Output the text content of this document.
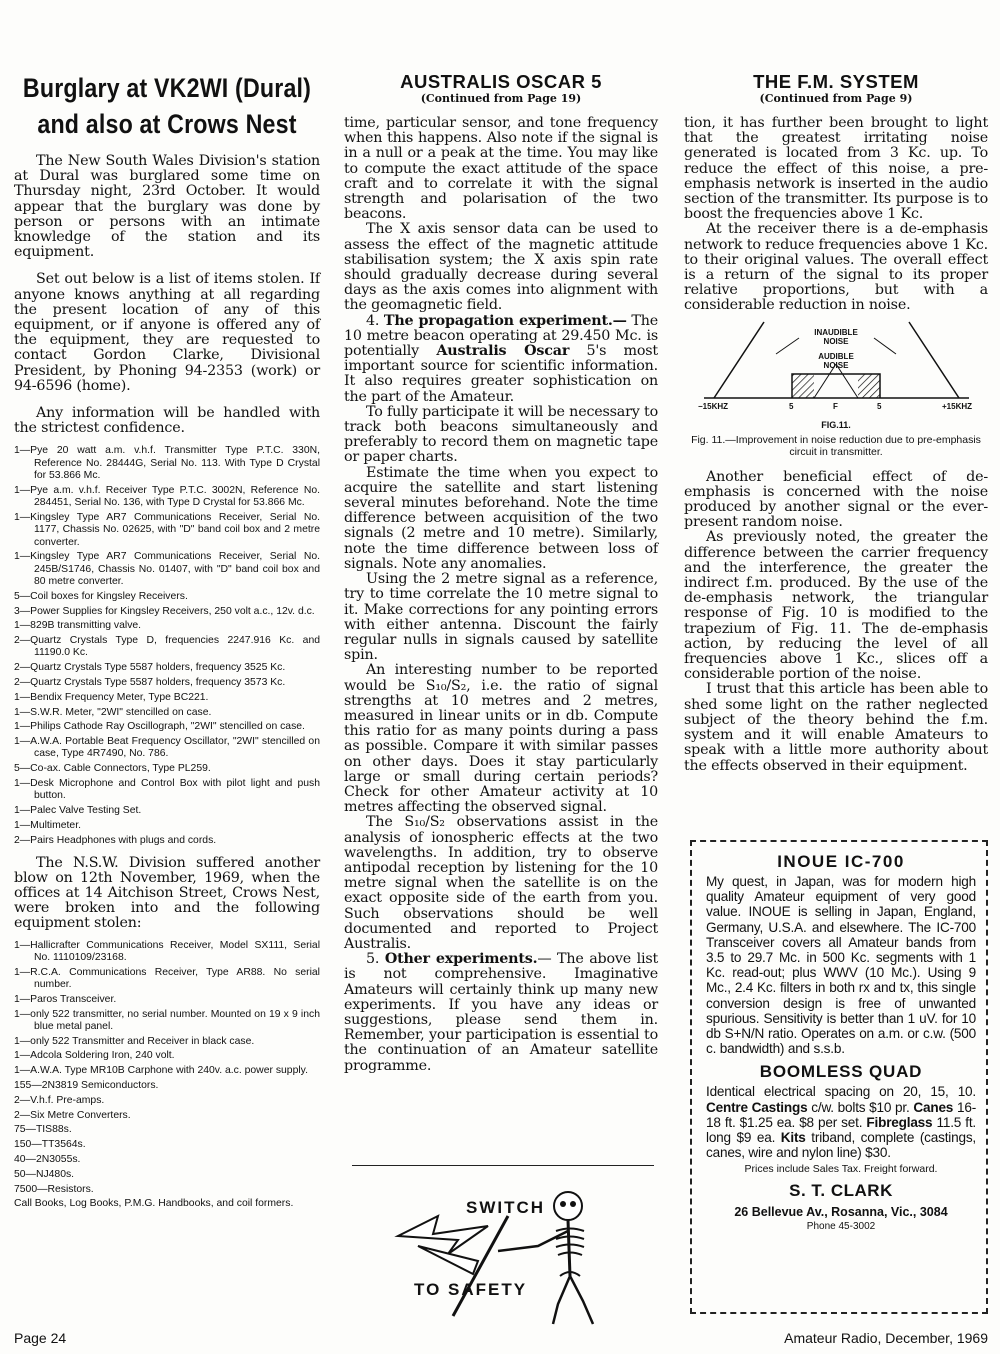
Burglary at VK2WI (Dural)
and also at Crows Nest

The New South Wales Division's station at Dural was burglared some time on Thursday night, 23rd October. It would appear that the burglary was done by person or persons with an intimate knowledge of the station and its equipment.

Set out below is a list of items stolen. If anyone knows anything at all regarding the present location of any of this equipment, or if anyone is offered any of the equipment, they are requested to contact Gordon Clarke, Divisional President, by Phoning 94-2353 (work) or 94-6596 (home).

Any information will be handled with the strictest confidence.

1—Pye 20 watt a.m. v.h.f. Transmitter Type P.T.C. 330N, Reference No. 28444G, Serial No. 113. With Type D Crystal for 53.866 Mc.
1—Pye a.m. v.h.f. Receiver Type P.T.C. 3002N, Reference No. 284451, Serial No. 136, with Type D Crystal for 53.866 Mc.
1—Kingsley Type AR7 Communications Receiver, Serial No. 1177, Chassis No. 02625, with "D" band coil box and 2 metre converter.
1—Kingsley Type AR7 Communications Receiver, Serial No. 245B/S1746, Chassis No. 01407, with "D" band coil box and 80 metre converter.
5—Coil boxes for Kingsley Receivers.
3—Power Supplies for Kingsley Receivers, 250 volt a.c., 12v. d.c.
1—829B transmitting valve.
2—Quartz Crystals Type D, frequencies 2247.916 Kc. and 11190.0 Kc.
2—Quartz Crystals Type 5587 holders, frequency 3525 Kc.
2—Quartz Crystals Type 5587 holders, frequency 3573 Kc.
1—Bendix Frequency Meter, Type BC221.
1—S.W.R. Meter, "2WI" stencilled on case.
1—Philips Cathode Ray Oscillograph, "2WI" stencilled on case.
1—A.W.A. Portable Beat Frequency Oscillator, "2WI" stencilled on case, Type 4R7490, No. 786.
5—Co-ax. Cable Connectors, Type PL259.
1—Desk Microphone and Control Box with pilot light and push button.
1—Palec Valve Testing Set.
1—Multimeter.
2—Pairs Headphones with plugs and cords.

The N.S.W. Division suffered another blow on 12th November, 1969, when the offices at 14 Aitchison Street, Crows Nest, were broken into and the following equipment stolen:

1—Hallicrafter Communications Receiver, Model SX111, Serial No. 1110109/23168.
1—R.C.A. Communications Receiver, Type AR88. No serial number.
1—Paros Transceiver.
1—only 522 transmitter, no serial number. Mounted on 19 x 9 inch blue metal panel.
1—only 522 Transmitter and Receiver in black case.
1—Adcola Soldering Iron, 240 volt.
1—A.W.A. Type MR10B Carphone with 240v. a.c. power supply.
155—2N3819 Semiconductors.
2—V.h.f. Pre-amps.
2—Six Metre Converters.
75—TIS88s.
150—TT3564s.
40—2N3055s.
50—NJ480s.
7500—Resistors.
Call Books, Log Books, P.M.G. Handbooks, and coil formers.
AUSTRALIS OSCAR 5
(Continued from Page 19)

time, particular sensor, and tone frequency when this happens. Also note if the signal is in a null or a peak at the time. You may like to compute the exact attitude of the space craft and to correlate it with the signal strength and polarisation of the two beacons.

The X axis sensor data can be used to assess the effect of the magnetic attitude stabilisation system; the X axis spin rate should gradually decrease during several days as the axis comes into alignment with the geomagnetic field.

4. The propagation experiment.— The 10 metre beacon operating at 29.450 Mc. is potentially Australis Oscar 5's most important source for scientific information. It also requires greater sophistication on the part of the Amateur.

To fully participate it will be necessary to track both beacons simultaneously and preferably to record them on magnetic tape or paper charts.

Estimate the time when you expect to acquire the satellite and start listening several minutes beforehand. Note the time difference between acquisition of the two signals (2 metre and 10 metre). Similarly, note the time difference between loss of signals. Note any anomalies.

Using the 2 metre signal as a reference, try to time correlate the 10 metre signal to it. Make corrections for any pointing errors with either antenna. Discount the fairly regular nulls in signals caused by satellite spin.

An interesting number to be reported would be S₁₀/S₂, i.e. the ratio of signal strengths at 10 metres and 2 metres, measured in linear units or in db. Compute this ratio for as many points during a pass as possible. Compare it with similar passes on other days. Does it stay particularly large or small during certain periods? Check for other Amateur activity at 10 metres affecting the observed signal.

The S₁₀/S₂ observations assist in the analysis of ionospheric effects at the two wavelengths. In addition, try to observe antipodal reception by listening for the 10 metre signal when the satellite is on the exact opposite side of the earth from you. Such observations should be well documented and reported to Project Australis.

5. Other experiments.— The above list is not comprehensive. Imaginative Amateurs will certainly think up many new experiments. If you have any ideas or suggestions, please send them in. Remember, your participation is essential to the continuation of an Amateur satellite programme.

SWITCH
TO SAFETY
THE F.M. SYSTEM
(Continued from Page 9)

tion, it has further been brought to light that the greatest irritating noise generated is located from 3 Kc. up. To reduce the effect of this noise, a pre-emphasis network is inserted in the audio section of the transmitter. Its purpose is to boost the frequencies above 1 Kc.

At the receiver there is a de-emphasis network to reduce frequencies above 1 Kc. to their original values. The overall effect is a return of the signal to its proper relative proportions, but with a considerable reduction in noise.

INAUDIBLE NOISE
AUDIBLE NOISE
−15KHZ	5	F	5	+15KHZ
FIG.11.
Fig. 11.—Improvement in noise reduction due to pre-emphasis circuit in transmitter.

Another beneficial effect of de-emphasis is concerned with the noise produced by another signal or the ever-present random noise.

As previously noted, the greater the difference between the carrier frequency and the interference, the greater the indirect f.m. produced. By the use of the de-emphasis network, the triangular response of Fig. 10 is modified to the trapezium of Fig. 11. The de-emphasis action, by reducing the level of all frequencies above 1 Kc., slices off a considerable portion of the noise.

I trust that this article has been able to shed some light on the rather neglected subject of the theory behind the f.m. system and it will enable Amateurs to speak with a little more authority about the effects observed in their equipment.

INOUE IC-700

My quest, in Japan, was for modern high quality Amateur equipment of very good value. INOUE is selling in Japan, England, Germany, U.S.A. and elsewhere. The IC-700 Transceiver covers all Amateur bands from 3.5 to 29.7 Mc. in 500 Kc. segments with 1 Kc. read-out; plus WWV (10 Mc.). Using 9 Mc., 2.4 Kc. filters in both rx and tx, this single conversion design is free of unwanted spurious. Sensitivity is better than 1 uV. for 10 db S+N/N ratio. Operates on a.m. or c.w. (500 c. bandwidth) and s.s.b.

BOOMLESS QUAD

Identical electrical spacing on 20, 15, 10. Centre Castings c/w. bolts $10 pr. Canes 16-18 ft. $1.25 ea. $8 per set. Fibreglass 11.5 ft. long $9 ea. Kits triband, complete (castings, canes, wire and nylon line) $30.

Prices include Sales Tax. Freight forward.
S. T. CLARK
26 Bellevue Av., Rosanna, Vic., 3084
Phone 45-3002
Page 24	Amateur Radio, December, 1969
